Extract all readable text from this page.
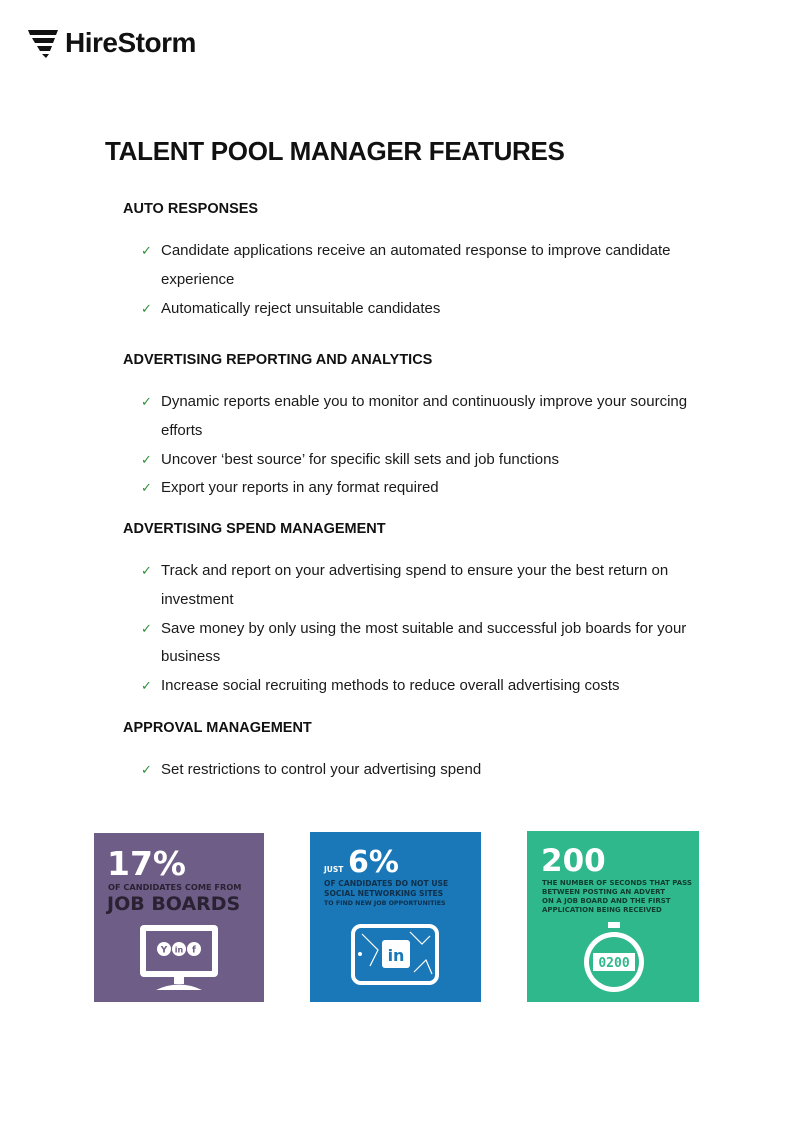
HireStorm
TALENT POOL MANAGER FEATURES
AUTO RESPONSES
✓ Candidate applications receive an automated response to improve candidate experience
✓ Automatically reject unsuitable candidates
ADVERTISING REPORTING AND ANALYTICS
✓ Dynamic reports enable you to monitor and continuously improve your sourcing efforts
✓ Uncover ‘best source’ for specific skill sets and job functions
✓ Export your reports in any format required
ADVERTISING SPEND MANAGEMENT
✓ Track and report on your advertising spend to ensure your the best return on investment
✓ Save money by only using the most suitable and successful job boards for your business
✓ Increase social recruiting methods to reduce overall advertising costs
APPROVAL MANAGEMENT
✓ Set restrictions to control your advertising spend
17%
OF CANDIDATES COME FROM
JOB BOARDS
Y in f
JUST 6%
OF CANDIDATES DO NOT USE
SOCIAL NETWORKING SITES
TO FIND NEW JOB OPPORTUNITIES
in
200
THE NUMBER OF SECONDS THAT PASS
BETWEEN POSTING AN ADVERT
ON A JOB BOARD AND THE FIRST
APPLICATION BEING RECEIVED
0200
